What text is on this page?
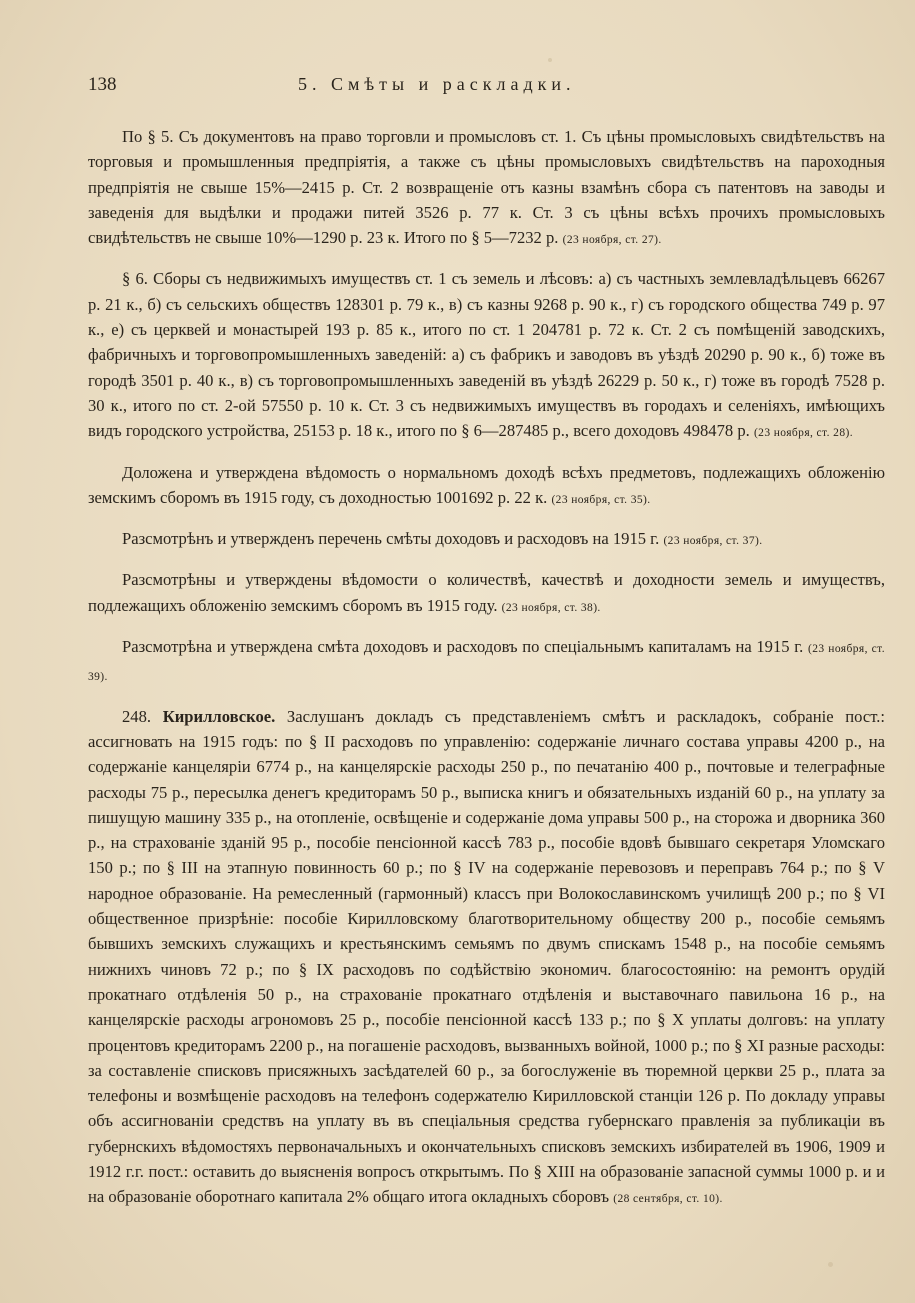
138	5. Смѣты и раскладки.

По § 5. Съ документовъ на право торговли и промысловъ ст. 1. Съ цѣны промысловыхъ свидѣтельствъ на торговыя и промышленныя предпріятія, а также съ цѣны промысловыхъ свидѣтельствъ на пароходныя предпріятія не свыше 15%—2415 р. Ст. 2 возвращеніе отъ казны взамѣнъ сбора съ патентовъ на заводы и заведенія для выдѣлки и продажи питей 3526 р. 77 к. Ст. 3 съ цѣны всѣхъ прочихъ промысловыхъ свидѣтельствъ не свыше 10%—1290 р. 23 к. Итого по § 5—7232 р. (23 ноября, ст. 27).

§ 6. Сборы съ недвижимыхъ имуществъ ст. 1 съ земель и лѣсовъ: а) съ частныхъ землевладѣльцевъ 66267 р. 21 к., б) съ сельскихъ обществъ 128301 р. 79 к., в) съ казны 9268 р. 90 к., г) съ городского общества 749 р. 97 к., е) съ церквей и монастырей 193 р. 85 к., итого по ст. 1 204781 р. 72 к. Ст. 2 съ помѣщеній заводскихъ, фабричныхъ и торговопромышленныхъ заведеній: а) съ фабрикъ и заводовъ въ уѣздѣ 20290 р. 90 к., б) тоже въ городѣ 3501 р. 40 к., в) съ торговопромышленныхъ заведеній въ уѣздѣ 26229 р. 50 к., г) тоже въ городѣ 7528 р. 30 к., итого по ст. 2-ой 57550 р. 10 к. Ст. 3 съ недвижимыхъ имуществъ въ городахъ и селеніяхъ, имѣющихъ видъ городского устройства, 25153 р. 18 к., итого по § 6—287485 р., всего доходовъ 498478 р. (23 ноября, ст. 28).

Доложена и утверждена вѣдомость о нормальномъ доходѣ всѣхъ предметовъ, подлежащихъ обложенію земскимъ сборомъ въ 1915 году, съ доходностью 1001692 р. 22 к. (23 ноября, ст. 35).

Разсмотрѣнъ и утвержденъ перечень смѣты доходовъ и расходовъ на 1915 г. (23 ноября, ст. 37).

Разсмотрѣны и утверждены вѣдомости о количествѣ, качествѣ и доходности земель и имуществъ, подлежащихъ обложенію земскимъ сборомъ въ 1915 году. (23 ноября, ст. 38).

Разсмотрѣна и утверждена смѣта доходовъ и расходовъ по спеціальнымъ капиталамъ на 1915 г. (23 ноября, ст. 39).

248. Кирилловское. Заслушанъ докладъ съ представленіемъ смѣтъ и раскладокъ, собраніе пост.: ассигновать на 1915 годъ: по § II расходовъ по управленію: содержаніе личнаго состава управы 4200 р., на содержаніе канцеляріи 6774 р., на канцелярскіе расходы 250 р., по печатанію 400 р., почтовые и телеграфные расходы 75 р., пересылка денегъ кредиторамъ 50 р., выписка книгъ и обязательныхъ изданій 60 р., на уплату за пишущую машину 335 р., на отопленіе, освѣщеніе и содержаніе дома управы 500 р., на сторожа и дворника 360 р., на страхованіе зданій 95 р., пособіе пенсіонной кассѣ 783 р., пособіе вдовѣ бывшаго секретаря Уломскаго 150 р.; по § III на этапную повинность 60 р.; по § IV на содержаніе перевозовъ и переправъ 764 р.; по § V народное образованіе. На ремесленный (гармонный) классъ при Волокославинскомъ училищѣ 200 р.; по § VI общественное призрѣніе: пособіе Кирилловскому благотворительному обществу 200 р., пособіе семьямъ бывшихъ земскихъ служащихъ и крестьянскимъ семьямъ по двумъ спискамъ 1548 р., на пособіе семьямъ нижнихъ чиновъ 72 р.; по § IX расходовъ по содѣйствію экономич. благосостоянію: на ремонтъ орудій прокатнаго отдѣленія 50 р., на страхованіе прокатнаго отдѣленія и выставочнаго павильона 16 р., на канцелярскіе расходы агрономовъ 25 р., пособіе пенсіонной кассѣ 133 р.; по § X уплаты долговъ: на уплату процентовъ кредиторамъ 2200 р., на погашеніе расходовъ, вызванныхъ войной, 1000 р.; по § XI разные расходы: за составленіе списковъ присяжныхъ засѣдателей 60 р., за богослуженіе въ тюремной церкви 25 р., плата за телефоны и возмѣщеніе расходовъ на телефонъ содержателю Кирилловской станціи 126 р. По докладу управы объ ассигнованіи средствъ на уплату въ въ спеціальныя средства губернскаго правленія за публикаціи въ губернскихъ вѣдомостяхъ первоначальныхъ и окончательныхъ списковъ земскихъ избирателей въ 1906, 1909 и 1912 г.г. пост.: оставить до выясненія вопросъ открытымъ. По § XIII на образованіе запасной суммы 1000 р. и и на образованіе оборотнаго капитала 2% общаго итога окладныхъ сборовъ (28 сентября, ст. 10).
